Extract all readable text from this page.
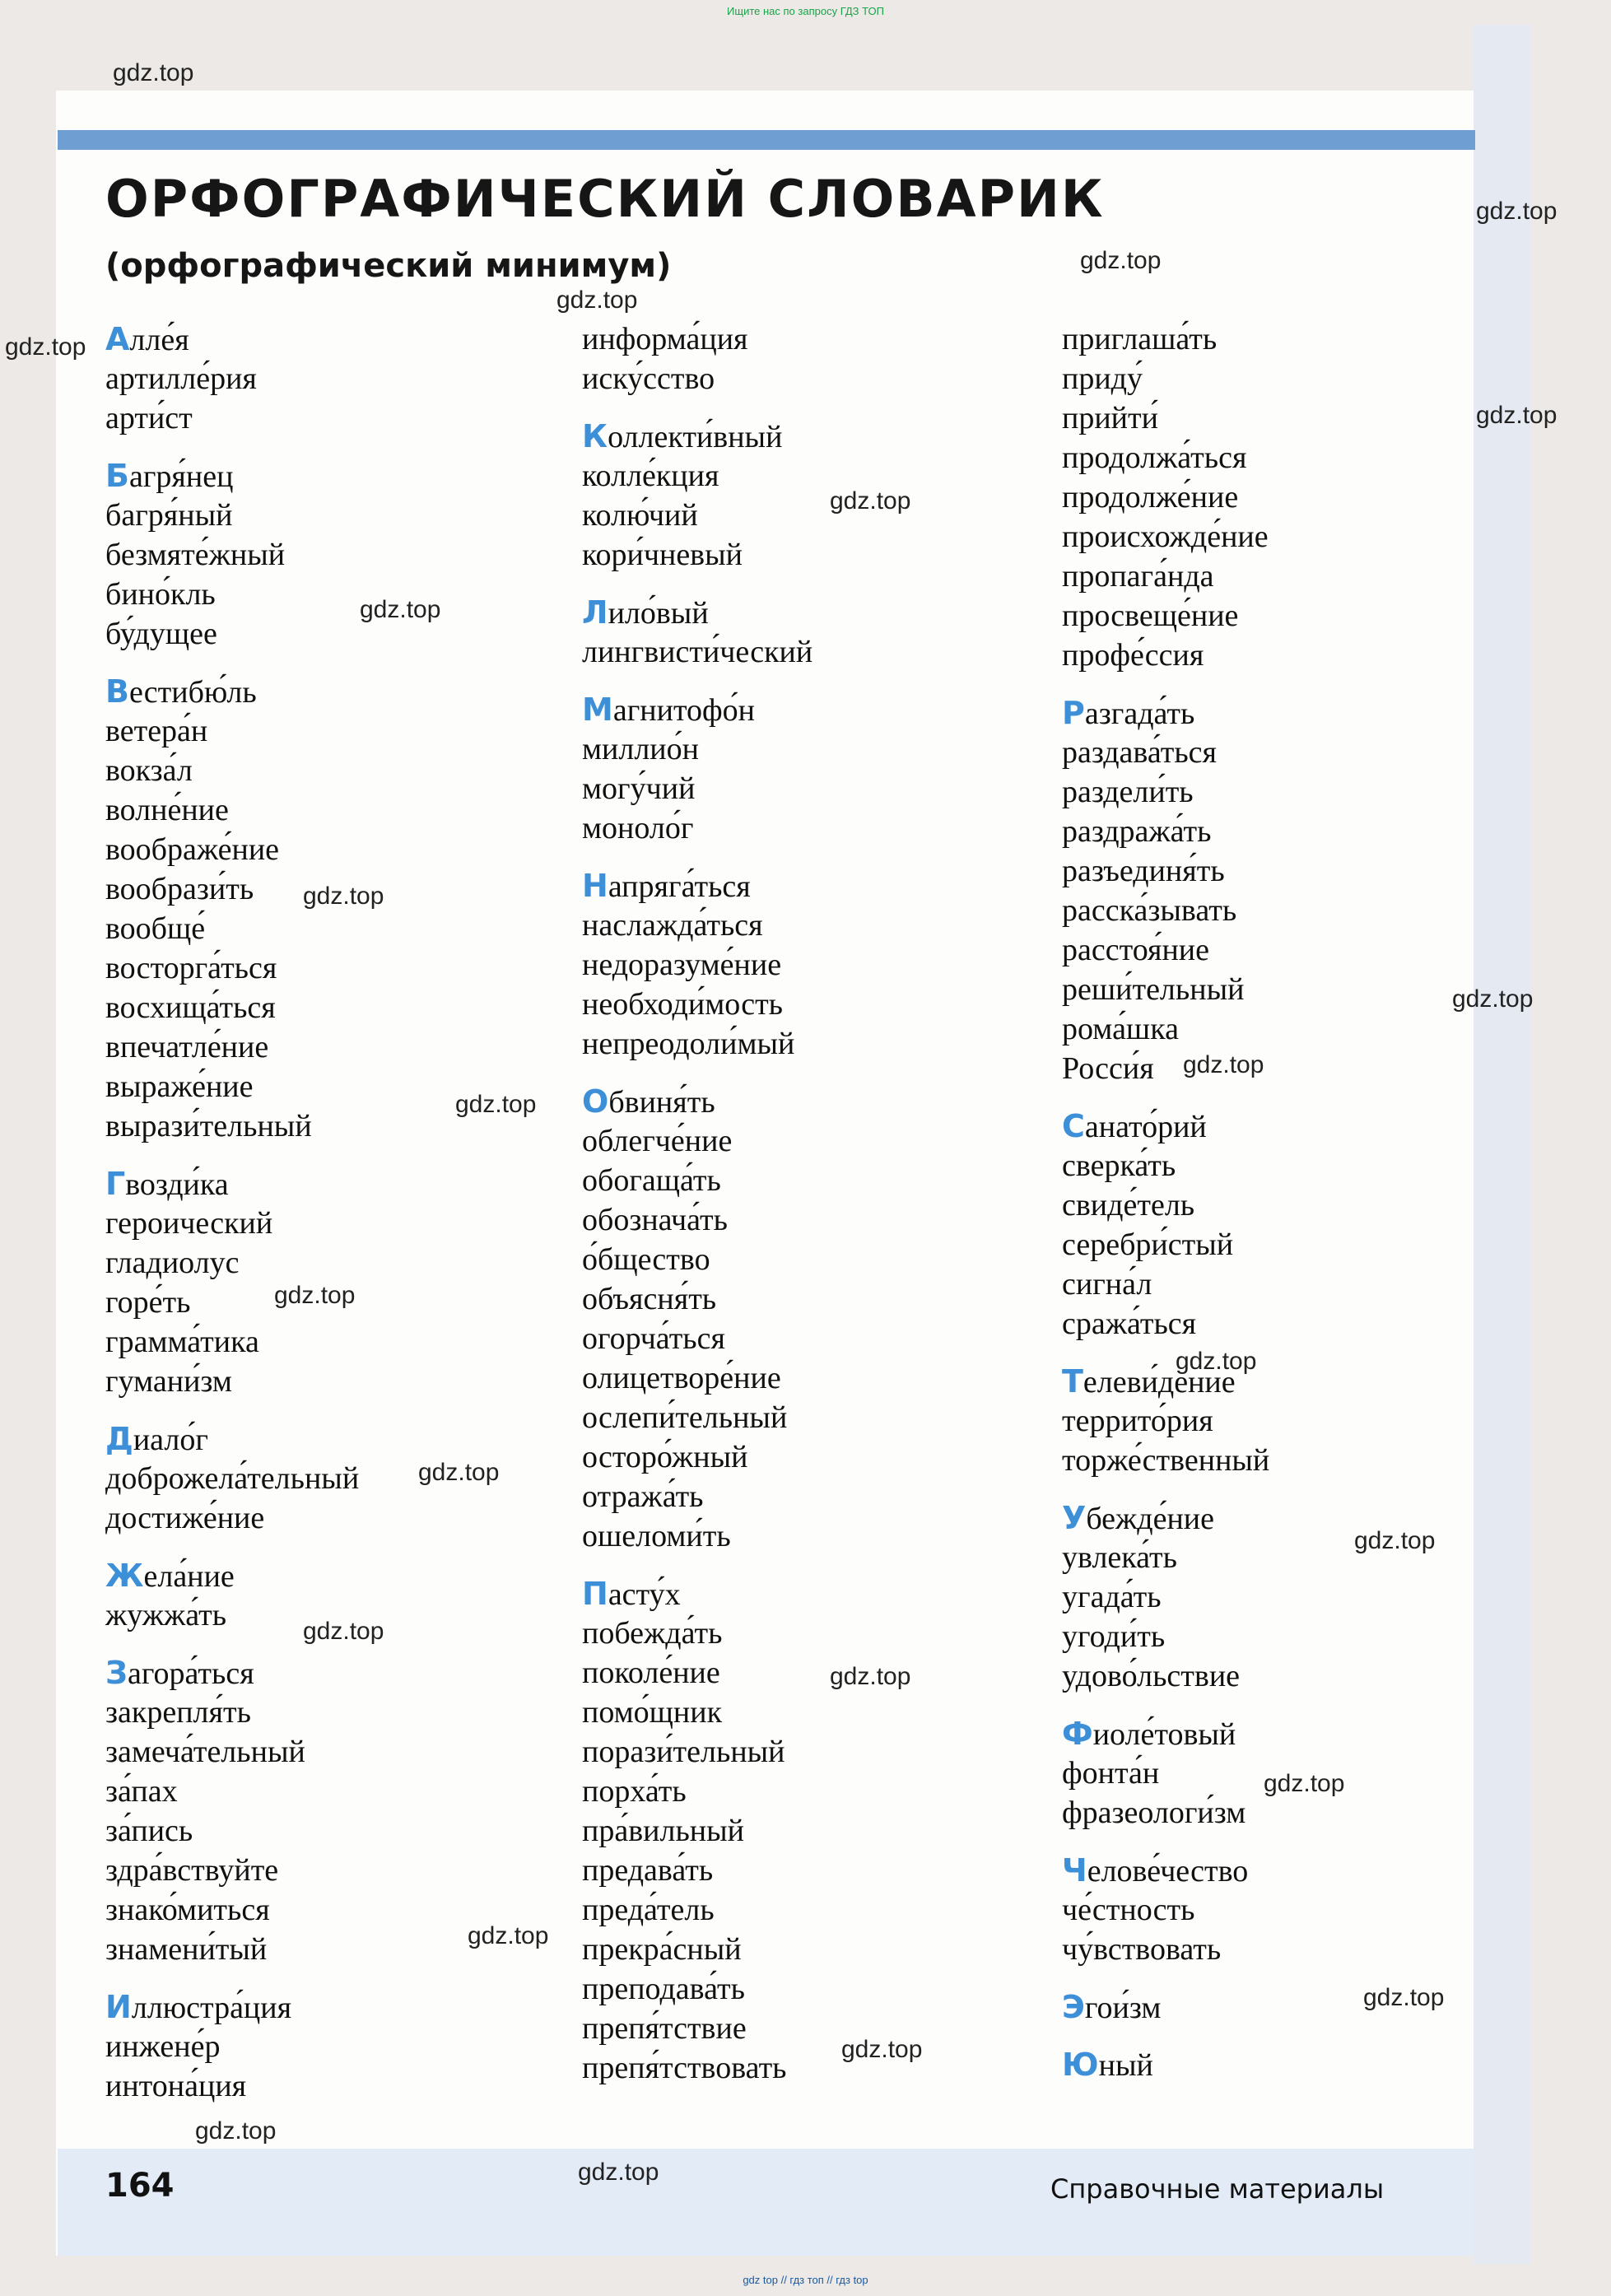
Ищите нас по запросу ГДЗ ТОП
ОРФОГРАФИЧЕСКИЙ СЛОВАРИК
(орфографический минимум)
Алле́я
артилле́рия
арти́ст
Багря́нец
багря́ный
безмяте́жный
бино́кль
бу́дущее
Вестибю́ль
ветера́н
вокза́л
волне́ние
воображе́ние
вообрази́ть
вообще́
восторга́ться
восхища́ться
впечатле́ние
выраже́ние
вырази́тельный
Гвозди́ка
героический
гладиолус
горе́ть
грамма́тика
гумани́зм
Диало́г
доброжела́тельный
достиже́ние
Жела́ние
жужжа́ть
Загора́ться
закрепля́ть
замеча́тельный
за́пах
за́пись
здра́вствуйте
знако́миться
знамени́тый
Иллюстра́ция
инжене́р
интона́ция
информа́ция
иску́сство
Коллекти́вный
колле́кция
колю́чий
кори́чневый
Лило́вый
лингвисти́ческий
Магнитофо́н
миллио́н
могу́чий
моноло́г
Напряга́ться
наслажда́ться
недоразуме́ние
необходи́мость
непреодоли́мый
Обвиня́ть
облегче́ние
обогаща́ть
обознача́ть
о́бщество
объясня́ть
огорча́ться
олицетворе́ние
ослепи́тельный
осторо́жный
отража́ть
ошеломи́ть
Пасту́х
побежда́ть
поколе́ние
помо́щник
порази́тельный
порха́ть
пра́вильный
предава́ть
преда́тель
прекра́сный
преподава́ть
препя́тствие
препя́тствовать
приглаша́ть
приду́
прийти́
продолжа́ться
продолже́ние
происхожде́ние
пропага́нда
просвеще́ние
профе́ссия
Разгада́ть
раздава́ться
раздели́ть
раздража́ть
разъединя́ть
расска́зывать
расстоя́ние
реши́тельный
рома́шка
Росси́я
Санато́рий
сверка́ть
свиде́тель
серебри́стый
сигна́л
сража́ться
Телеви́дение
террито́рия
торже́ственный
Убежде́ние
увлека́ть
угада́ть
угоди́ть
удово́льствие
Фиоле́товый
фонта́н
фразеологи́зм
Челове́чество
че́стность
чу́вствовать
Эгои́зм
Юный
gdz.top
gdz.top
gdz.top
gdz.top
gdz.top
gdz.top
gdz.top
gdz.top
gdz.top
gdz.top
gdz.top
gdz.top
gdz.top
gdz.top
gdz.top
gdz.top
gdz.top
gdz.top
gdz.top
gdz.top
gdz.top
gdz.top
gdz.top
gdz.top
164	Справочные материалы
gdz top // гдз топ // гдз top
